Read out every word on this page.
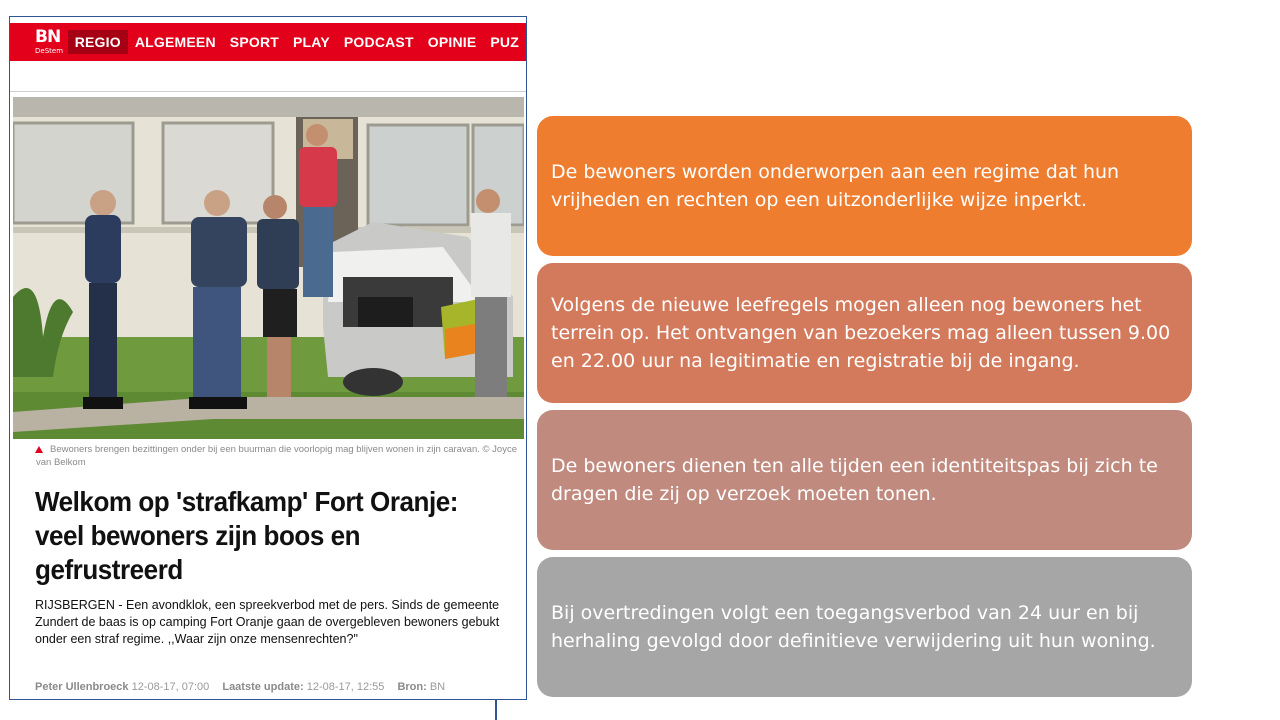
BN
DeStem
REGIO	ALGEMEEN	SPORT	PLAY	PODCAST	OPINIE	PUZ
Bewoners brengen bezittingen onder bij een buurman die voorlopig mag blijven wonen in zijn caravan. © Joyce van Belkom
Welkom op 'strafkamp' Fort Oranje: veel bewoners zijn boos en gefrustreerd

RIJSBERGEN - Een avondklok, een spreekverbod met de pers. Sinds de gemeente Zundert de baas is op camping Fort Oranje gaan de overgebleven bewoners gebukt onder een straf regime. ,,Waar zijn onze mensenrechten?"

Peter Ullenbroeck 12-08-17, 07:00 Laatste update: 12-08-17, 12:55 Bron: BN
De bewoners worden onderworpen aan een regime dat hun vrijheden en rechten op een uitzonderlijke wijze inperkt.
Volgens de nieuwe leefregels mogen alleen nog bewoners het terrein op. Het ontvangen van bezoekers mag alleen tussen 9.00 en 22.00 uur na legitimatie en registratie bij de ingang.
De bewoners dienen ten alle tijden een identiteitspas bij zich te dragen die zij op verzoek moeten tonen.
Bij overtredingen volgt een toegangsverbod van 24 uur en bij herhaling gevolgd door definitieve verwijdering uit hun woning.
